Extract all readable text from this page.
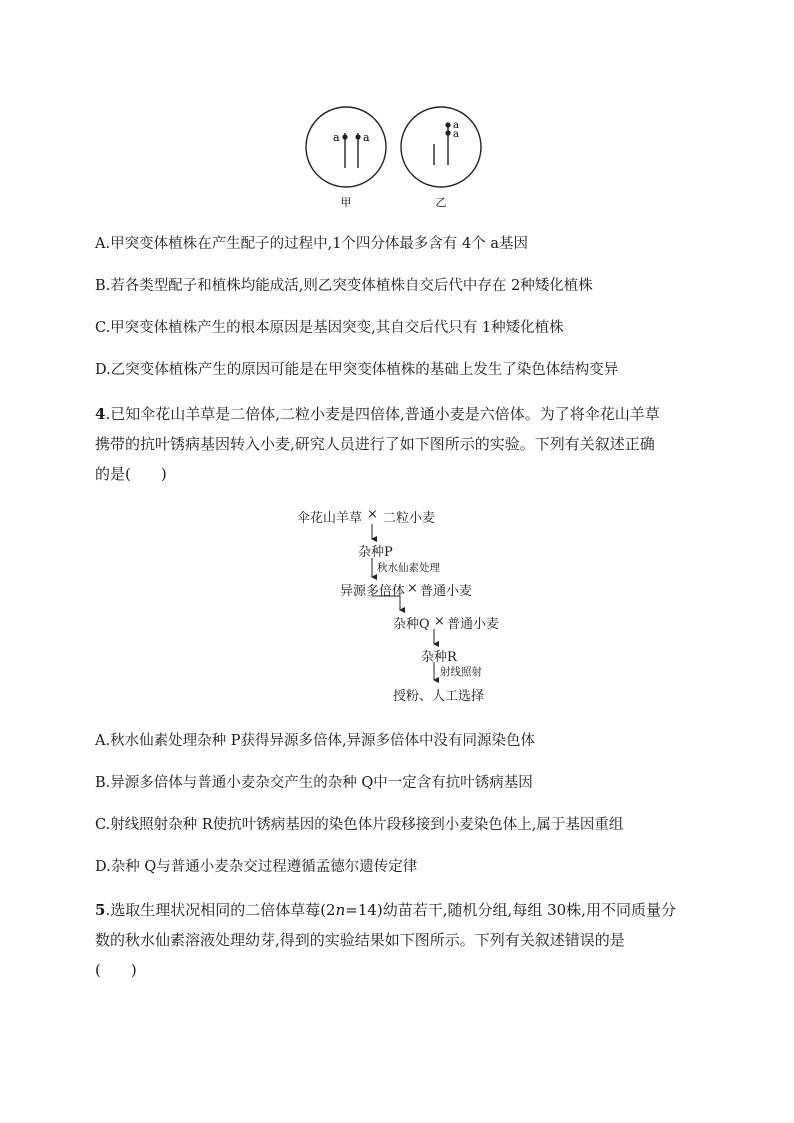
a a
a
a
甲	乙
A.甲突变体植株在产生配子的过程中,1个四分体最多含有 4个 a基因
B.若各类型配子和植株均能成活,则乙突变体植株自交后代中存在 2种矮化植株
C.甲突变体植株产生的根本原因是基因突变,其自交后代只有 1种矮化植株
D.乙突变体植株产生的原因可能是在甲突变体植株的基础上发生了染色体结构变异
4.已知伞花山羊草是二倍体,二粒小麦是四倍体,普通小麦是六倍体。为了将伞花山羊草
携带的抗叶锈病基因转入小麦,研究人员进行了如下图所示的实验。下列有关叙述正确
的是(　　)
伞花山羊草 × 二粒小麦
杂种P
秋水仙素处理
异源多倍体 × 普通小麦
杂种Q × 普通小麦
杂种R
射线照射
授粉、人工选择
A.秋水仙素处理杂种 P获得异源多倍体,异源多倍体中没有同源染色体
B.异源多倍体与普通小麦杂交产生的杂种 Q中一定含有抗叶锈病基因
C.射线照射杂种 R使抗叶锈病基因的染色体片段移接到小麦染色体上,属于基因重组
D.杂种 Q与普通小麦杂交过程遵循孟德尔遗传定律
5.选取生理状况相同的二倍体草莓(2n=14)幼苗若干,随机分组,每组 30株,用不同质量分
数的秋水仙素溶液处理幼芽,得到的实验结果如下图所示。下列有关叙述错误的是
(　　)
